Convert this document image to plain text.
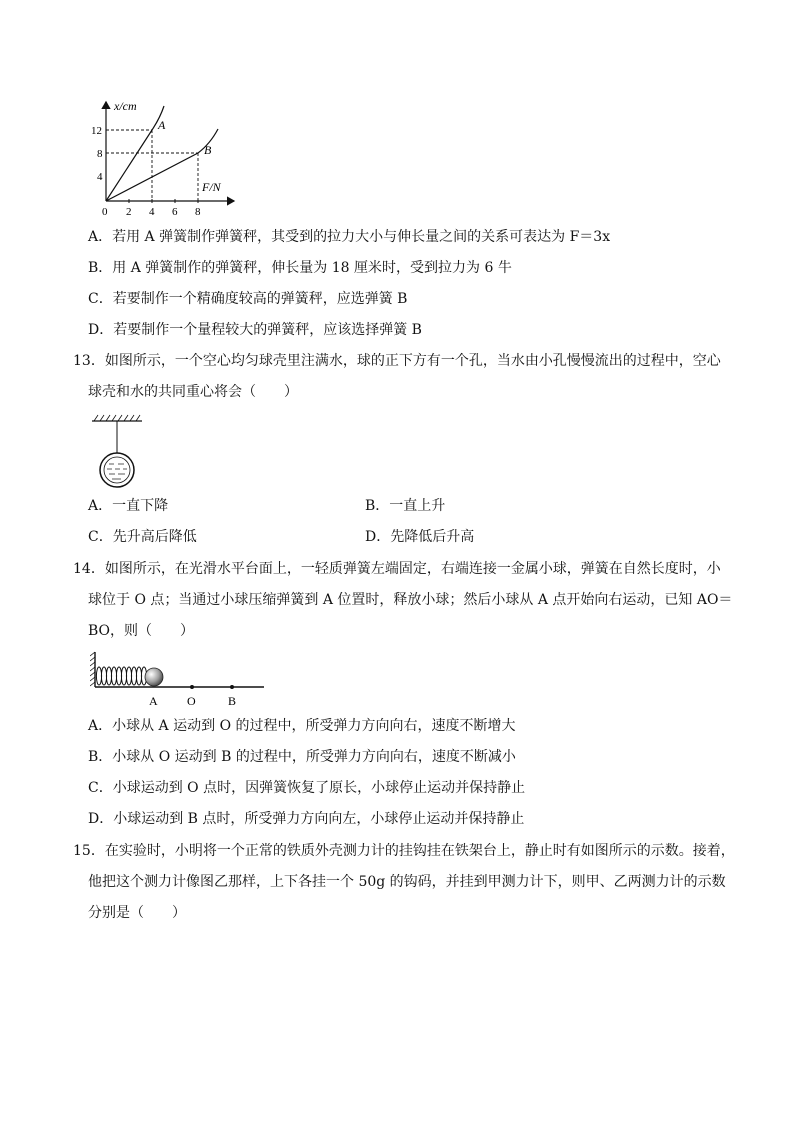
x/cm
F/N
12
8
4
0 2 4 6 8
A
B
A．若用 A 弹簧制作弹簧秤，其受到的拉力大小与伸长量之间的关系可表达为 F＝3x
B．用 A 弹簧制作的弹簧秤，伸长量为 18 厘米时，受到拉力为 6 牛
C．若要制作一个精确度较高的弹簧秤，应选弹簧 B
D．若要制作一个量程较大的弹簧秤，应该选择弹簧 B
13．如图所示，一个空心均匀球壳里注满水，球的正下方有一个孔，当水由小孔慢慢流出的过程中，空心
球壳和水的共同重心将会（　　）
A．一直下降	B．一直上升
C．先升高后降低	D．先降低后升高
14．如图所示，在光滑水平台面上，一轻质弹簧左端固定，右端连接一金属小球，弹簧在自然长度时，小
球位于 O 点；当通过小球压缩弹簧到 A 位置时，释放小球；然后小球从 A 点开始向右运动，已知 AO＝
BO，则（　　）
A O	B
A．小球从 A 运动到 O 的过程中，所受弹力方向向右，速度不断增大
B．小球从 O 运动到 B 的过程中，所受弹力方向向右，速度不断减小
C．小球运动到 O 点时，因弹簧恢复了原长，小球停止运动并保持静止
D．小球运动到 B 点时，所受弹力方向向左，小球停止运动并保持静止
15．在实验时，小明将一个正常的铁质外壳测力计的挂钩挂在铁架台上，静止时有如图所示的示数。接着，
他把这个测力计像图乙那样，上下各挂一个 50g 的钩码，并挂到甲测力计下，则甲、乙两测力计的示数
分别是（　　）
